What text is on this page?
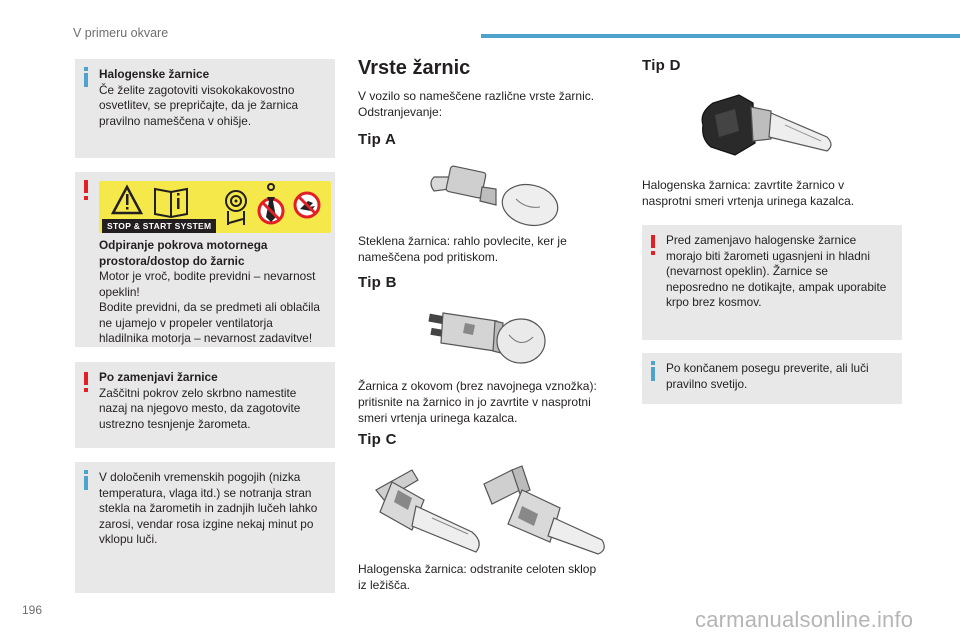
V primeru okvare
Halogenske žarnice
Če želite zagotoviti visokokakovostno osvetlitev, se prepričajte, da je žarnica pravilno nameščena v ohišje.
STOP & START SYSTEM
Odpiranje pokrova motornega prostora/dostop do žarnic
Motor je vroč, bodite previdni – nevarnost opeklin!
Bodite previdni, da se predmeti ali oblačila ne ujamejo v propeler ventilatorja hladilnika motorja – nevarnost zadavitve!
Po zamenjavi žarnice
Zaščitni pokrov zelo skrbno namestite nazaj na njegovo mesto, da zagotovite ustrezno tesnjenje žarometa.
V določenih vremenskih pogojih (nizka temperatura, vlaga itd.) se notranja stran stekla na žarometih in zadnjih lučeh lahko zarosi, vendar rosa izgine nekaj minut po vklopu luči.
Vrste žarnic
V vozilo so nameščene različne vrste žarnic. Odstranjevanje:
Tip A
Steklena žarnica: rahlo povlecite, ker je nameščena pod pritiskom.
Tip B
Žarnica z okovom (brez navojnega vznožka): pritisnite na žarnico in jo zavrtite v nasprotni smeri vrtenja urinega kazalca.
Tip C
Halogenska žarnica: odstranite celoten sklop iz ležišča.
Tip D
Halogenska žarnica: zavrtite žarnico v nasprotni smeri vrtenja urinega kazalca.
Pred zamenjavo halogenske žarnice morajo biti žarometi ugasnjeni in hladni (nevarnost opeklin). Žarnice se neposredno ne dotikajte, ampak uporabite krpo brez kosmov.
Po končanem posegu preverite, ali luči pravilno svetijo.
196	carmanualsonline.info
